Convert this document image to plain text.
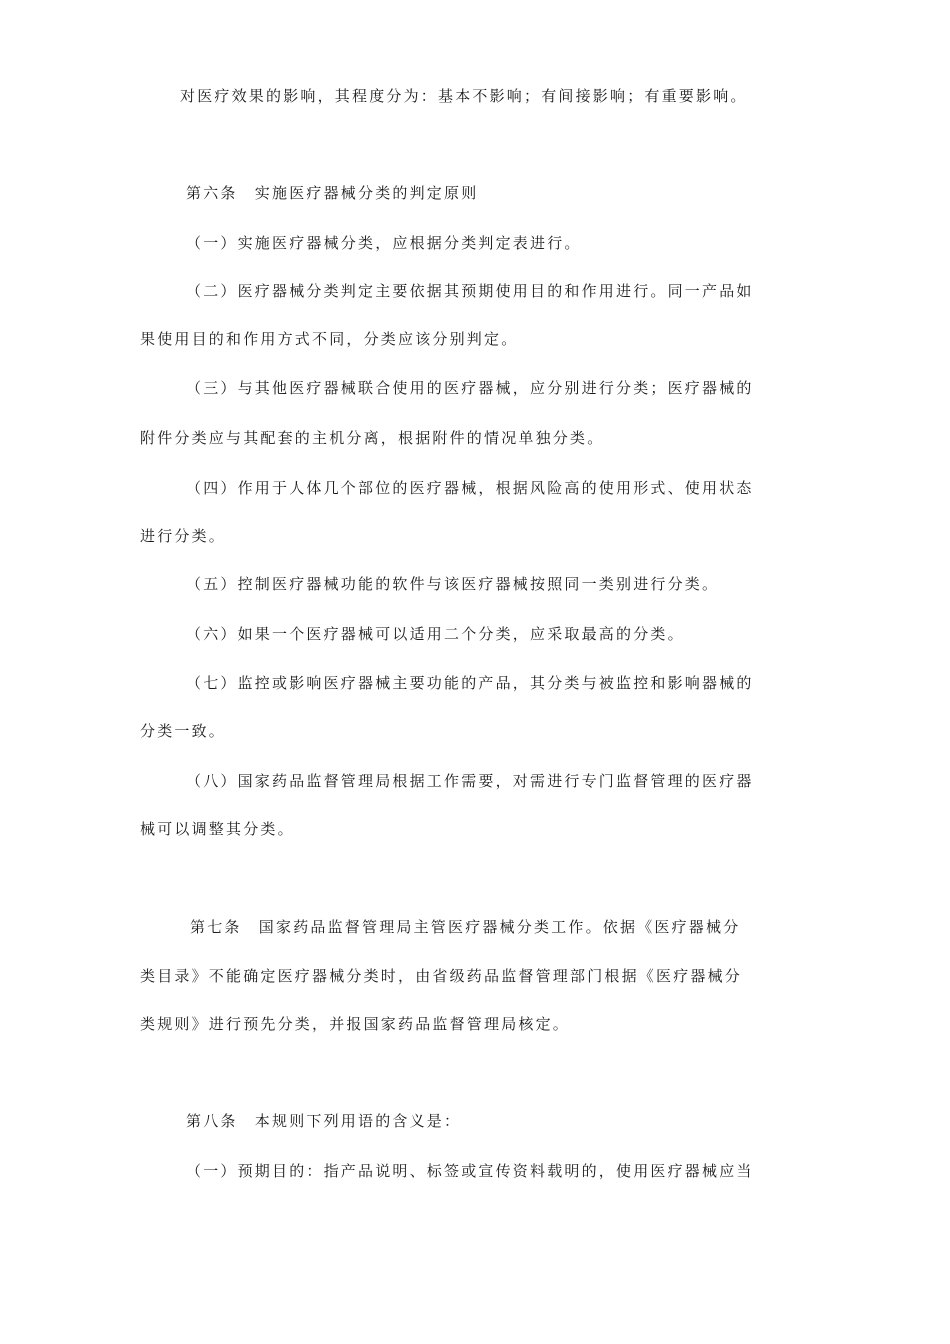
对医疗效果的影响，其程度分为：基本不影响；有间接影响；有重要影响。
第六条　实施医疗器械分类的判定原则
（一）实施医疗器械分类，应根据分类判定表进行。
（二）医疗器械分类判定主要依据其预期使用目的和作用进行。同一产品如
果使用目的和作用方式不同，分类应该分别判定。
（三）与其他医疗器械联合使用的医疗器械，应分别进行分类；医疗器械的
附件分类应与其配套的主机分离，根据附件的情况单独分类。
（四）作用于人体几个部位的医疗器械，根据风险高的使用形式、使用状态
进行分类。
（五）控制医疗器械功能的软件与该医疗器械按照同一类别进行分类。
（六）如果一个医疗器械可以适用二个分类，应采取最高的分类。
（七）监控或影响医疗器械主要功能的产品，其分类与被监控和影响器械的
分类一致。
（八）国家药品监督管理局根据工作需要，对需进行专门监督管理的医疗器
械可以调整其分类。
第七条　国家药品监督管理局主管医疗器械分类工作。依据《医疗器械分
类目录》不能确定医疗器械分类时，由省级药品监督管理部门根据《医疗器械分
类规则》进行预先分类，并报国家药品监督管理局核定。
第八条　本规则下列用语的含义是：
（一）预期目的：指产品说明、标签或宣传资料载明的，使用医疗器械应当
